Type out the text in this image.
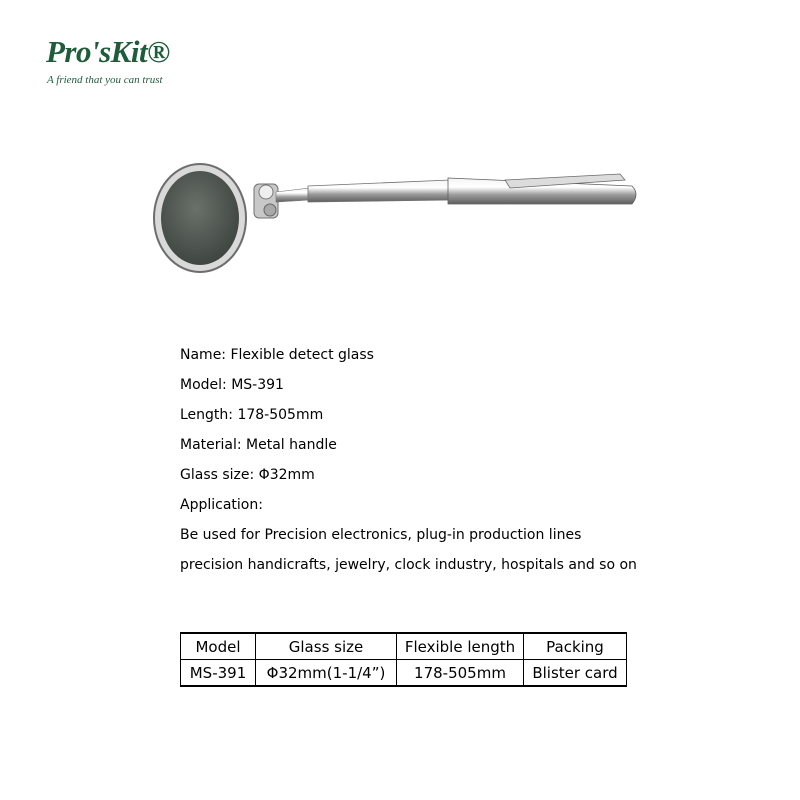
Pro'sKit®
A friend that you can trust
Name: Flexible detect glass
Model: MS-391
Length: 178-505mm
Material: Metal handle
Glass size: Φ32mm
Application:
Be used for Precision electronics, plug-in production lines
precision handicrafts, jewelry, clock industry, hospitals and so on
Model	Glass size	Flexible length	Packing
MS-391	Φ32mm(1-1/4”)	178-505mm	Blister card
